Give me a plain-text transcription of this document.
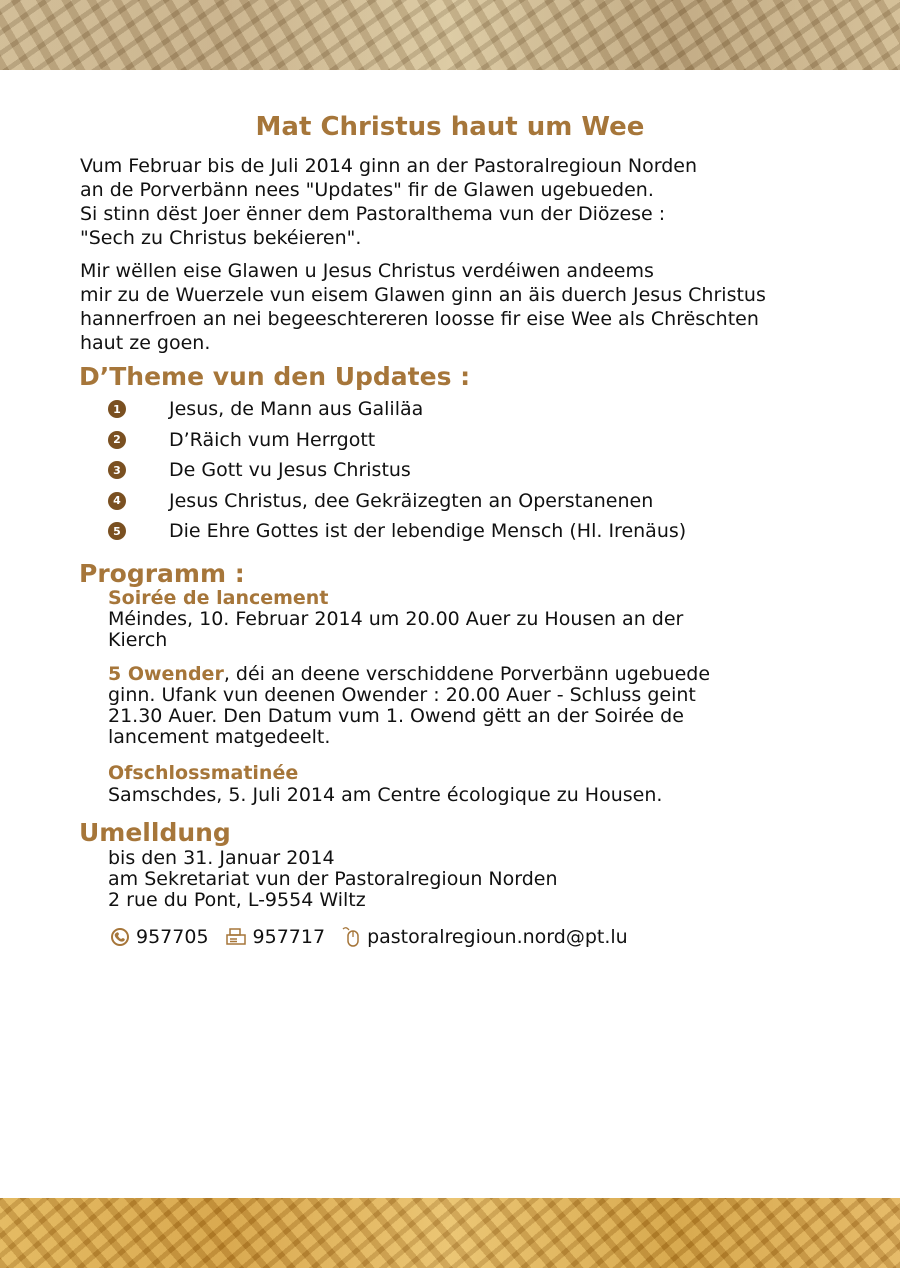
Mat Christus haut um Wee
Vum Februar bis de Juli 2014 ginn an der Pastoralregioun Norden
an de Porverbänn nees "Updates" fir de Glawen ugebueden.
Si stinn dëst Joer ënner dem Pastoralthema vun der Diözese :
"Sech zu Christus bekéieren".
Mir wëllen eise Glawen u Jesus Christus verdéiwen andeems
mir zu de Wuerzele vun eisem Glawen ginn an äis duerch Jesus Christus
hannerfroen an nei begeeschtereren loosse fir eise Wee als Chrëschten
haut ze goen.
D’Theme vun den Updates :
1	Jesus, de Mann aus Galiläa
2	D’Räich vum Herrgott
3	De Gott vu Jesus Christus
4	Jesus Christus, dee Gekräizegten an Operstanenen
5	Die Ehre Gottes ist der lebendige Mensch (Hl. Irenäus)
Programm :
Soirée de lancement
Méindes, 10. Februar 2014 um 20.00 Auer zu Housen an der
Kierch
5 Owender, déi an deene verschiddene Porverbänn ugebuede
ginn. Ufank vun deenen Owender : 20.00 Auer - Schluss geint
21.30 Auer. Den Datum vum 1. Owend gëtt an der Soirée de
lancement matgedeelt.
Ofschlossmatinée
Samschdes, 5. Juli 2014 am Centre écologique zu Housen.
Umelldung
bis den 31. Januar 2014
am Sekretariat vun der Pastoralregioun Norden
2 rue du Pont, L-9554 Wiltz
957705 957717 pastoralregioun.nord@pt.lu
